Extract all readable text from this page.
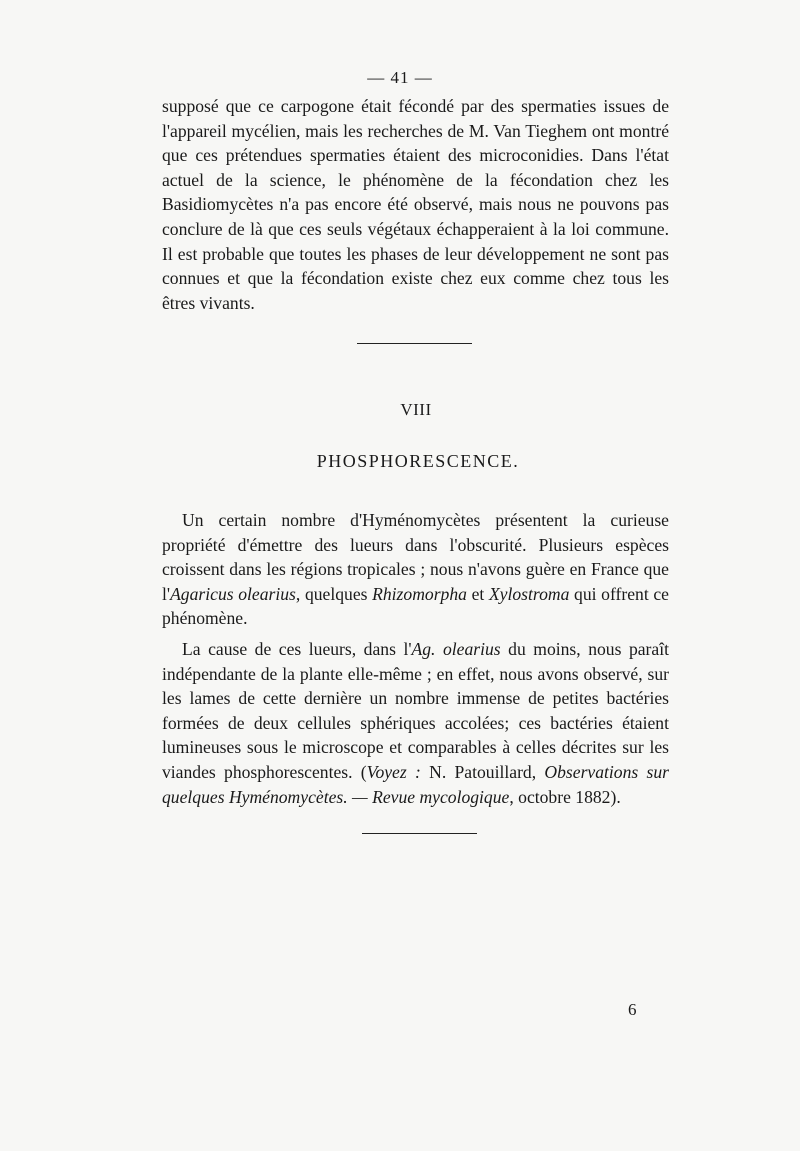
— 41 —

supposé que ce carpogone était fécondé par des spermaties issues de l'appareil mycélien, mais les recherches de M. Van Tieghem ont montré que ces prétendues spermaties étaient des microconidies. Dans l'état actuel de la science, le phénomène de la fécondation chez les Basidiomycètes n'a pas encore été observé, mais nous ne pouvons pas conclure de là que ces seuls végétaux échapperaient à la loi commune. Il est probable que toutes les phases de leur développement ne sont pas connues et que la fécondation existe chez eux comme chez tous les êtres vivants.

VIII
PHOSPHORESCENCE.

Un certain nombre d'Hyménomycètes présentent la curieuse propriété d'émettre des lueurs dans l'obscurité. Plusieurs espèces croissent dans les régions tropicales ; nous n'avons guère en France que l'Agaricus olearius, quelques Rhizomorpha et Xylostroma qui offrent ce phénomène.

La cause de ces lueurs, dans l'Ag. olearius du moins, nous paraît indépendante de la plante elle-même ; en effet, nous avons observé, sur les lames de cette dernière un nombre immense de petites bactéries formées de deux cellules sphériques accolées; ces bactéries étaient lumineuses sous le microscope et comparables à celles décrites sur les viandes phosphorescentes. (Voyez : N. Patouillard, Observations sur quelques Hyménomycètes. — Revue mycologique, octobre 1882).

6
